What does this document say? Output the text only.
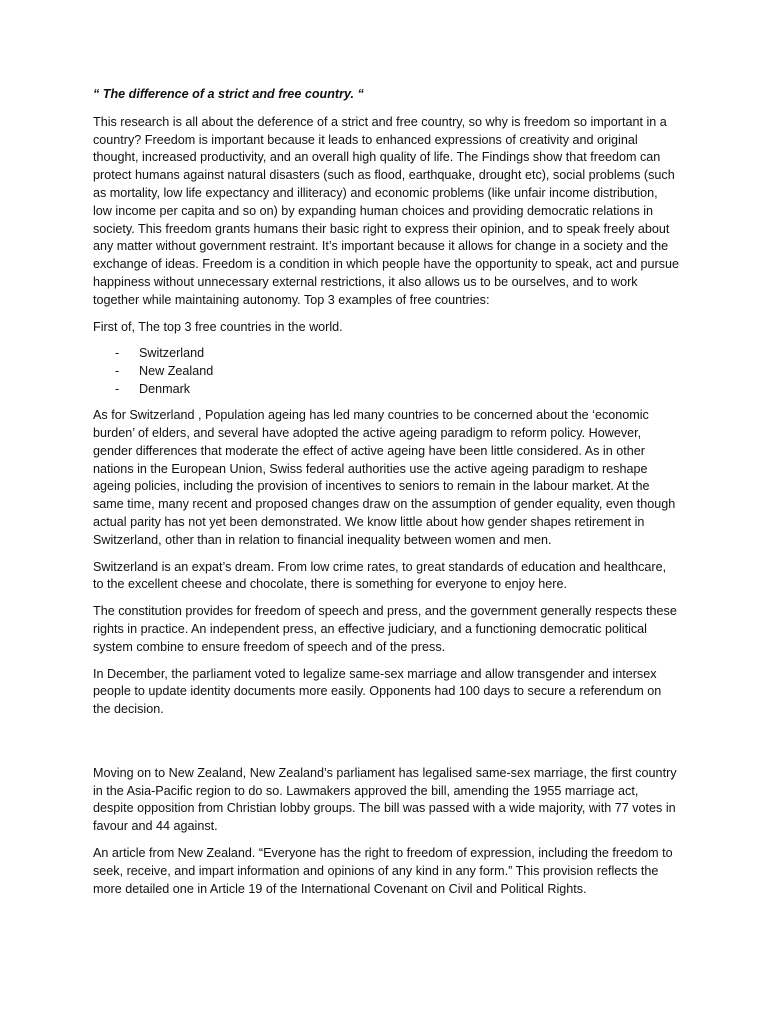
“ The difference of a strict and free country. “

This research is all about the deference of a strict and free country, so why is freedom so important in a country? Freedom is important because it leads to enhanced expressions of creativity and original thought, increased productivity, and an overall high quality of life. The Findings show that freedom can protect humans against natural disasters (such as flood, earthquake, drought etc), social problems (such as mortality, low life expectancy and illiteracy) and economic problems (like unfair income distribution, low income per capita and so on) by expanding human choices and providing democratic relations in society. This freedom grants humans their basic right to express their opinion, and to speak freely about any matter without government restraint. It’s important because it allows for change in a society and the exchange of ideas. Freedom is a condition in which people have the opportunity to speak, act and pursue happiness without unnecessary external restrictions, it also allows us to be ourselves, and to work together while maintaining autonomy. Top 3 examples of free countries:

First of, The top 3 free countries in the world.

- Switzerland
- New Zealand
- Denmark

As for Switzerland , Population ageing has led many countries to be concerned about the ‘economic burden’ of elders, and several have adopted the active ageing paradigm to reform policy. However, gender differences that moderate the effect of active ageing have been little considered. As in other nations in the European Union, Swiss federal authorities use the active ageing paradigm to reshape ageing policies, including the provision of incentives to seniors to remain in the labour market. At the same time, many recent and proposed changes draw on the assumption of gender equality, even though actual parity has not yet been demonstrated. We know little about how gender shapes retirement in Switzerland, other than in relation to financial inequality between women and men.

Switzerland is an expat’s dream. From low crime rates, to great standards of education and healthcare, to the excellent cheese and chocolate, there is something for everyone to enjoy here.

The constitution provides for freedom of speech and press, and the government generally respects these rights in practice. An independent press, an effective judiciary, and a functioning democratic political system combine to ensure freedom of speech and of the press.

In December, the parliament voted to legalize same-sex marriage and allow transgender and intersex people to update identity documents more easily. Opponents had 100 days to secure a referendum on the decision.

Moving on to New Zealand, New Zealand’s parliament has legalised same-sex marriage, the first country in the Asia-Pacific region to do so. Lawmakers approved the bill, amending the 1955 marriage act, despite opposition from Christian lobby groups. The bill was passed with a wide majority, with 77 votes in favour and 44 against.

An article from New Zealand. “Everyone has the right to freedom of expression, including the freedom to seek, receive, and impart information and opinions of any kind in any form.” This provision reflects the more detailed one in Article 19 of the International Covenant on Civil and Political Rights.
